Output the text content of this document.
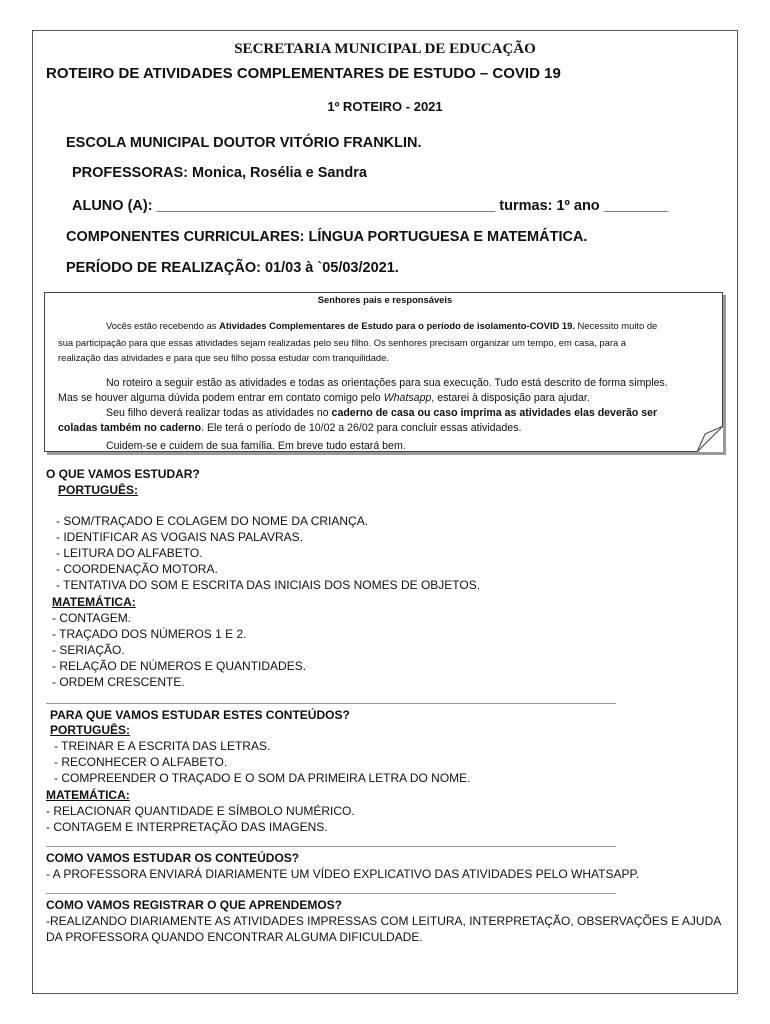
SECRETARIA MUNICIPAL DE EDUCAÇÃO
ROTEIRO DE ATIVIDADES COMPLEMENTARES DE ESTUDO – COVID 19
1º ROTEIRO - 2021
ESCOLA MUNICIPAL DOUTOR VITÓRIO FRANKLIN.
PROFESSORAS: Monica, Rosélia e Sandra
ALUNO (A): __________________________________________ turmas: 1º ano ________
COMPONENTES CURRICULARES: LÍNGUA PORTUGUESA E MATEMÁTICA.
PERÍODO DE REALIZAÇÃO: 01/03 à `05/03/2021.
Senhores pais e responsáveis
Vocês estão recebendo as Atividades Complementares de Estudo para o período de isolamento-COVID 19. Necessito muito de
sua participação para que essas atividades sejam realizadas pelo seu filho. Os senhores precisam organizar um tempo, em casa, para a
realização das atividades e para que seu filho possa estudar com tranquilidade.
No roteiro a seguir estão as atividades e todas as orientações para sua execução. Tudo está descrito de forma simples.
Mas se houver alguma dúvida podem entrar em contato comigo pelo Whatsapp, estarei à disposição para ajudar.
Seu filho deverá realizar todas as atividades no caderno de casa ou caso imprima as atividades elas deverão ser
coladas também no caderno. Ele terá o período de 10/02 a 26/02 para concluir essas atividades.
Cuidem-se e cuidem de sua família. Em breve tudo estará bem.
O QUE VAMOS ESTUDAR?
PORTUGUÊS:
- SOM/TRAÇADO E COLAGEM DO NOME DA CRIANÇA.
- IDENTIFICAR AS VOGAIS NAS PALAVRAS.
- LEITURA DO ALFABETO.
- COORDENAÇÃO MOTORA.
- TENTATIVA DO SOM E ESCRITA DAS INICIAIS DOS NOMES DE OBJETOS.
MATEMÁTICA:
- CONTAGEM.
- TRAÇADO DOS NÚMEROS 1 E 2.
- SERIAÇÃO.
- RELAÇÃO DE NÚMEROS E QUANTIDADES.
- ORDEM CRESCENTE.
PARA QUE VAMOS ESTUDAR ESTES CONTEÚDOS?
PORTUGUÊS:
- TREINAR E A ESCRITA DAS LETRAS.
- RECONHECER O ALFABETO.
- COMPREENDER O TRAÇADO E O SOM DA PRIMEIRA LETRA DO NOME.
MATEMÁTICA:
- RELACIONAR QUANTIDADE E SÍMBOLO NUMÉRICO.
- CONTAGEM E INTERPRETAÇÃO DAS IMAGENS.
COMO VAMOS ESTUDAR OS CONTEÚDOS?
- A PROFESSORA ENVIARÁ DIARIAMENTE UM VÍDEO EXPLICATIVO DAS ATIVIDADES PELO WHATSAPP.
COMO VAMOS REGISTRAR O QUE APRENDEMOS?
-REALIZANDO DIARIAMENTE AS ATIVIDADES IMPRESSAS COM LEITURA, INTERPRETAÇÃO, OBSERVAÇÕES E AJUDA DA PROFESSORA QUANDO ENCONTRAR ALGUMA DIFICULDADE.
